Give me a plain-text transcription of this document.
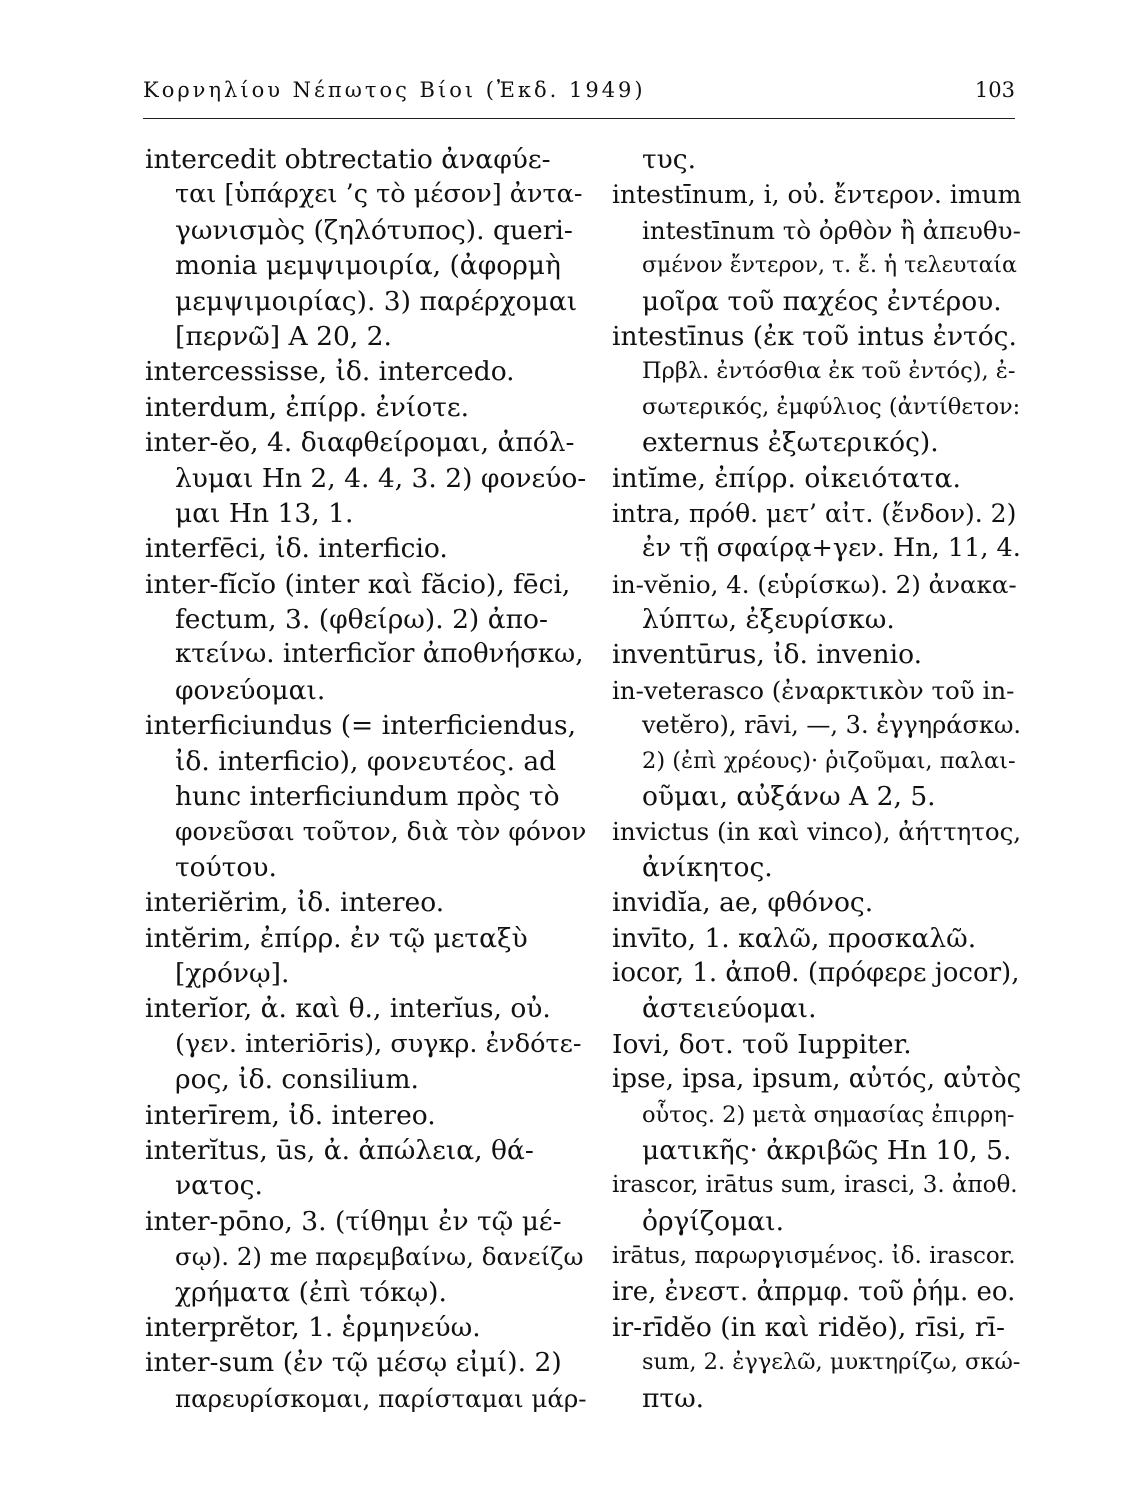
Κορνηλίου Νέπωτος Βίοι (Ἐκδ. 1949)	103
intercedit obtrectatio ἀναφύε-
ται [ὑπάρχει ’ς τὸ μέσον] ἀντα-
γωνισμὸς (ζηλότυπος). queri-
monia μεμψιμοιρία, (ἀφορμὴ
μεμψιμοιρίας). 3) παρέρχομαι
[περνῶ] Α 20, 2.
intercessisse, ἰδ. intercedo.
interdum, ἐπίρρ. ἐνίοτε.
inter-ĕo, 4. διαφθείρομαι, ἀπόλ-
λυμαι Hn 2, 4. 4, 3. 2) φονεύο-
μαι Hn 13, 1.
interfēci, ἰδ. interficio.
inter-fĭcĭo (inter καὶ făcio), fēci,
fectum, 3. (φθείρω). 2) ἀπο-
κτείνω. interficĭor ἀποθνήσκω,
φονεύομαι.
interficiundus (= interficiendus,
ἰδ. interficio), φονευτέος. ad
hunc interficiundum πρὸς τὸ
φονεῦσαι τοῦτον, διὰ τὸν φόνον
τούτου.
interiĕrim, ἰδ. intereo.
intĕrim, ἐπίρρ. ἐν τῷ μεταξὺ
[χρόνῳ].
interĭor, ἀ. καὶ θ., interĭus, οὐ.
(γεν. interiōris), συγκρ. ἐνδότε-
ρος, ἰδ. consilium.
interīrem, ἰδ. intereo.
interĭtus, ūs, ἀ. ἀπώλεια, θά-
νατος.
inter-pōno, 3. (τίθημι ἐν τῷ μέ-
σῳ). 2) me παρεμβαίνω, δανείζω
χρήματα (ἐπὶ τόκῳ).
interprĕtor, 1. ἑρμηνεύω.
inter-sum (ἐν τῷ μέσῳ εἰμί). 2)
παρευρίσκομαι, παρίσταμαι μάρ-
τυς.
intestīnum, i, οὐ. ἔντερον. imum
intestīnum τὸ ὀρθὸν ἢ ἀπευθυ-
σμένον ἔντερον, τ. ἔ. ἡ τελευταία
μοῖρα τοῦ παχέος ἐντέρου.
intestīnus (ἐκ τοῦ intus ἐντός.
Πρβλ. ἐντόσθια ἐκ τοῦ ἐντός), ἐ-
σωτερικός, ἐμφύλιος (ἀντίθετον:
externus ἐξωτερικός).
intĭme, ἐπίρρ. οἰκειότατα.
intra, πρόθ. μετ’ αἰτ. (ἔνδον). 2)
ἐν τῇ σφαίρᾳ+γεν. Hn, 11, 4.
in-vĕnio, 4. (εὑρίσκω). 2) ἀνακα-
λύπτω, ἐξευρίσκω.
inventūrus, ἰδ. invenio.
in-veterasco (ἐναρκτικὸν τοῦ in-
vetĕro), rāvi, —, 3. ἐγγηράσκω.
2) (ἐπὶ χρέους)· ῥιζοῦμαι, παλαι-
οῦμαι, αὐξάνω Α 2, 5.
invictus (in καὶ vinco), ἀήττητος,
ἀνίκητος.
invidĭa, ae, φθόνος.
invīto, 1. καλῶ, προσκαλῶ.
iocor, 1. ἀποθ. (πρόφερε jocor),
ἀστειεύομαι.
Iovi, δοτ. τοῦ Iuppiter.
ipse, ipsa, ipsum, αὐτός, αὐτὸς
οὗτος. 2) μετὰ σημασίας ἐπιρρη-
ματικῆς· ἀκριβῶς Hn 10, 5.
irascor, irātus sum, irasci, 3. ἀποθ.
ὀργίζομαι.
irātus, παρωργισμένος. ἰδ. irascor.
ire, ἐνεστ. ἀπρμφ. τοῦ ῥήμ. eo.
ir-rīdĕo (in καὶ ridĕo), rīsi, rī-
sum, 2. ἐγγελῶ, μυκτηρίζω, σκώ-
πτω.
